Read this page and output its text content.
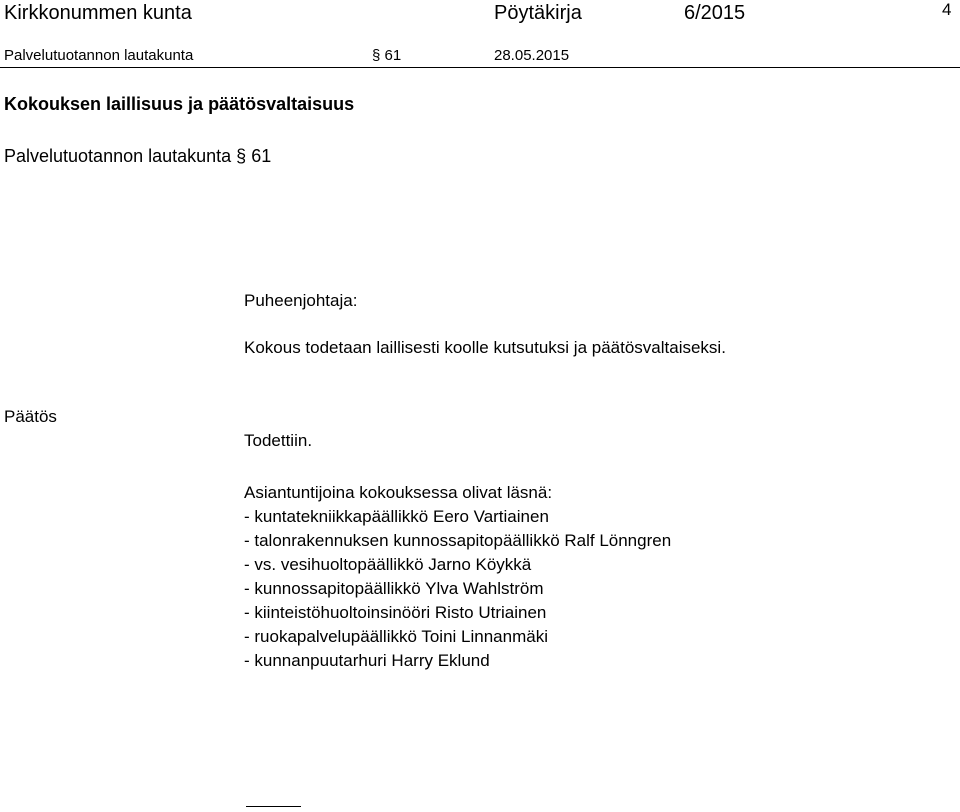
Kirkkonummen kunta	Pöytäkirja	6/2015	4
Palvelutuotannon lautakunta	§ 61	28.05.2015
Kokouksen laillisuus ja päätösvaltaisuus
Palvelutuotannon lautakunta § 61
Puheenjohtaja:
Kokous todetaan laillisesti koolle kutsutuksi ja päätösvaltaiseksi.
Päätös
Todettiin.
Asiantuntijoina kokouksessa olivat läsnä:
- kuntatekniikkapäällikkö Eero Vartiainen
- talonrakennuksen kunnossapitopäällikkö Ralf Lönngren
- vs. vesihuoltopäällikkö Jarno Köykkä
- kunnossapitopäällikkö Ylva Wahlström
- kiinteistöhuoltoinsinööri Risto Utriainen
- ruokapalvelupäällikkö Toini Linnanmäki
- kunnanpuutarhuri Harry Eklund
